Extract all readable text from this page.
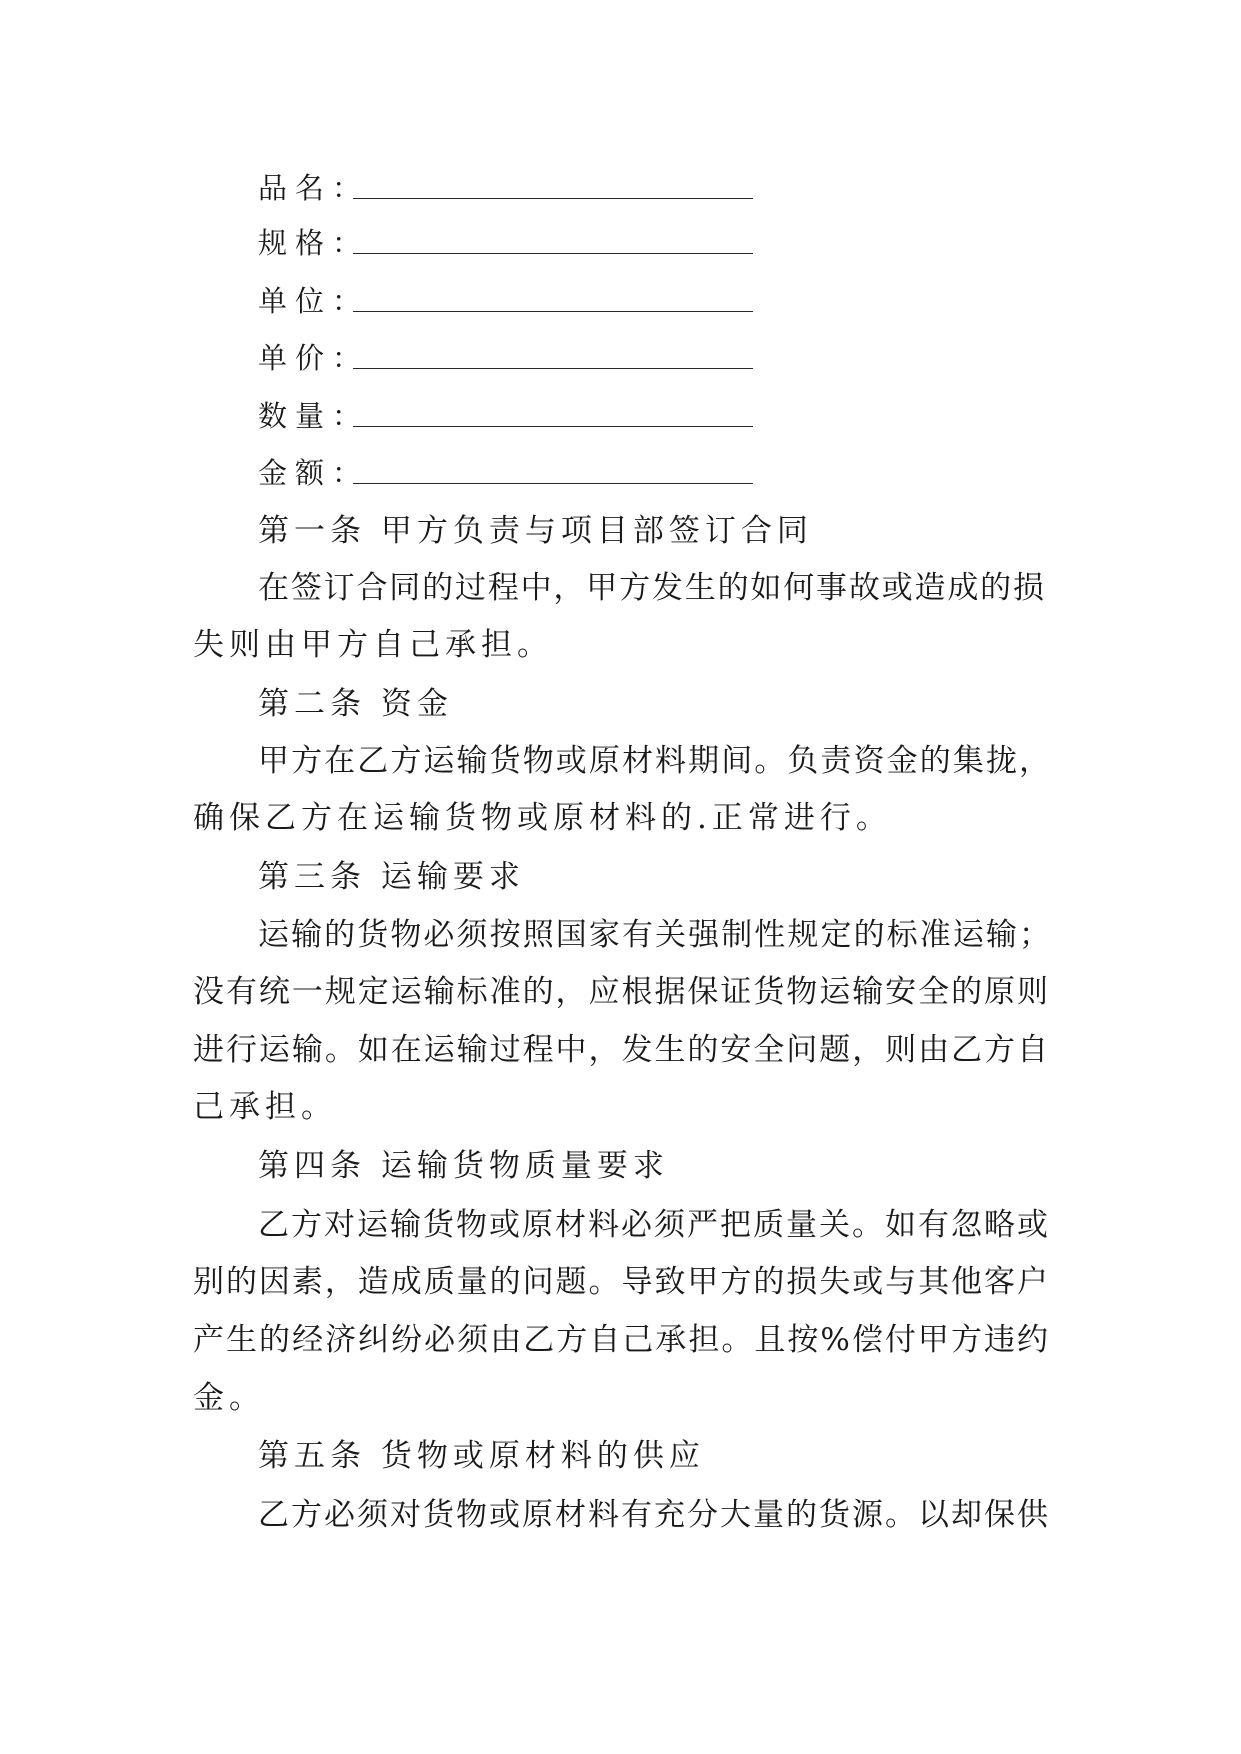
品名：
规格：
单位：
单价：
数量：
金额：
第一条 甲方负责与项目部签订合同
在签订合同的过程中，甲方发生的如何事故或造成的损
失则由甲方自己承担。
第二条 资金
甲方在乙方运输货物或原材料期间。负责资金的集拢，
确保乙方在运输货物或原材料的.正常进行。
第三条 运输要求
运输的货物必须按照国家有关强制性规定的标准运输；
没有统一规定运输标准的，应根据保证货物运输安全的原则
进行运输。如在运输过程中，发生的安全问题，则由乙方自
己承担。
第四条 运输货物质量要求
乙方对运输货物或原材料必须严把质量关。如有忽略或
别的因素，造成质量的问题。导致甲方的损失或与其他客户
产生的经济纠纷必须由乙方自己承担。且按%偿付甲方违约
金。
第五条 货物或原材料的供应
乙方必须对货物或原材料有充分大量的货源。以却保供
